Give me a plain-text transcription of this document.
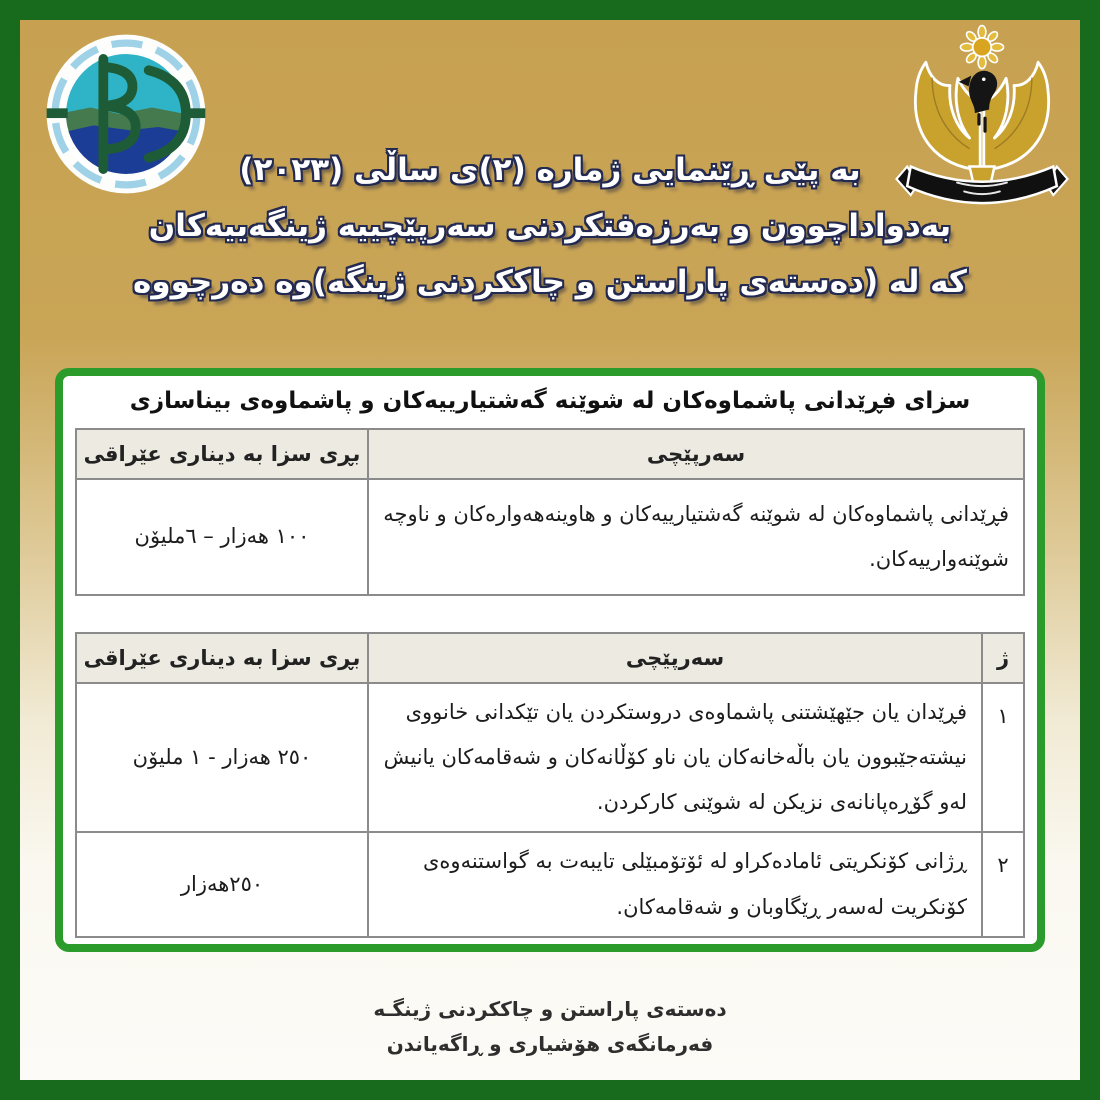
به پێی ڕێنمایی ژماره (٢)ی ساڵی (٢٠٢٣)
بەدواداچوون و بەرزەفتکردنی سەرپێچییە ژینگەییەکان
که له (دەستەی پاراستن و چاککردنی ژینگە)وه دەرچووه
سزای فڕێدانی پاشماوەکان له شوێنه گەشتیارییەکان و پاشماوەی بیناسازی
سەرپێچی	بڕی سزا به دیناری عێراقی
فڕێدانی پاشماوەکان له شوێنه گەشتیارییەکان و هاوینەهەوارەکان و ناوچه شوێنەوارییەکان.	١٠٠ هەزار – ٦ملیۆن
ژ	سەرپێچی	بڕی سزا به دیناری عێراقی
١	فڕێدان یان جێهێشتنی پاشماوەی دروستکردن یان تێکدانی خانووی نیشتەجێبوون یان باڵەخانەکان یان ناو کۆڵانەکان و شەقامەکان یانیش لەو گۆڕەپانانەی نزیکن له شوێنی کارکردن.	٢٥٠ هەزار - ١ ملیۆن
٢	ڕژانی کۆنکریتی ئامادەکراو له ئۆتۆمبێلی تایبەت به گواستنەوەی کۆنکریت لەسەر ڕێگاوبان و شەقامەکان.	٢٥٠هەزار
دەستەی پاراستن و چاککردنی ژینگـە
فەرمانگەی هۆشیاری و ڕاگەیاندن
